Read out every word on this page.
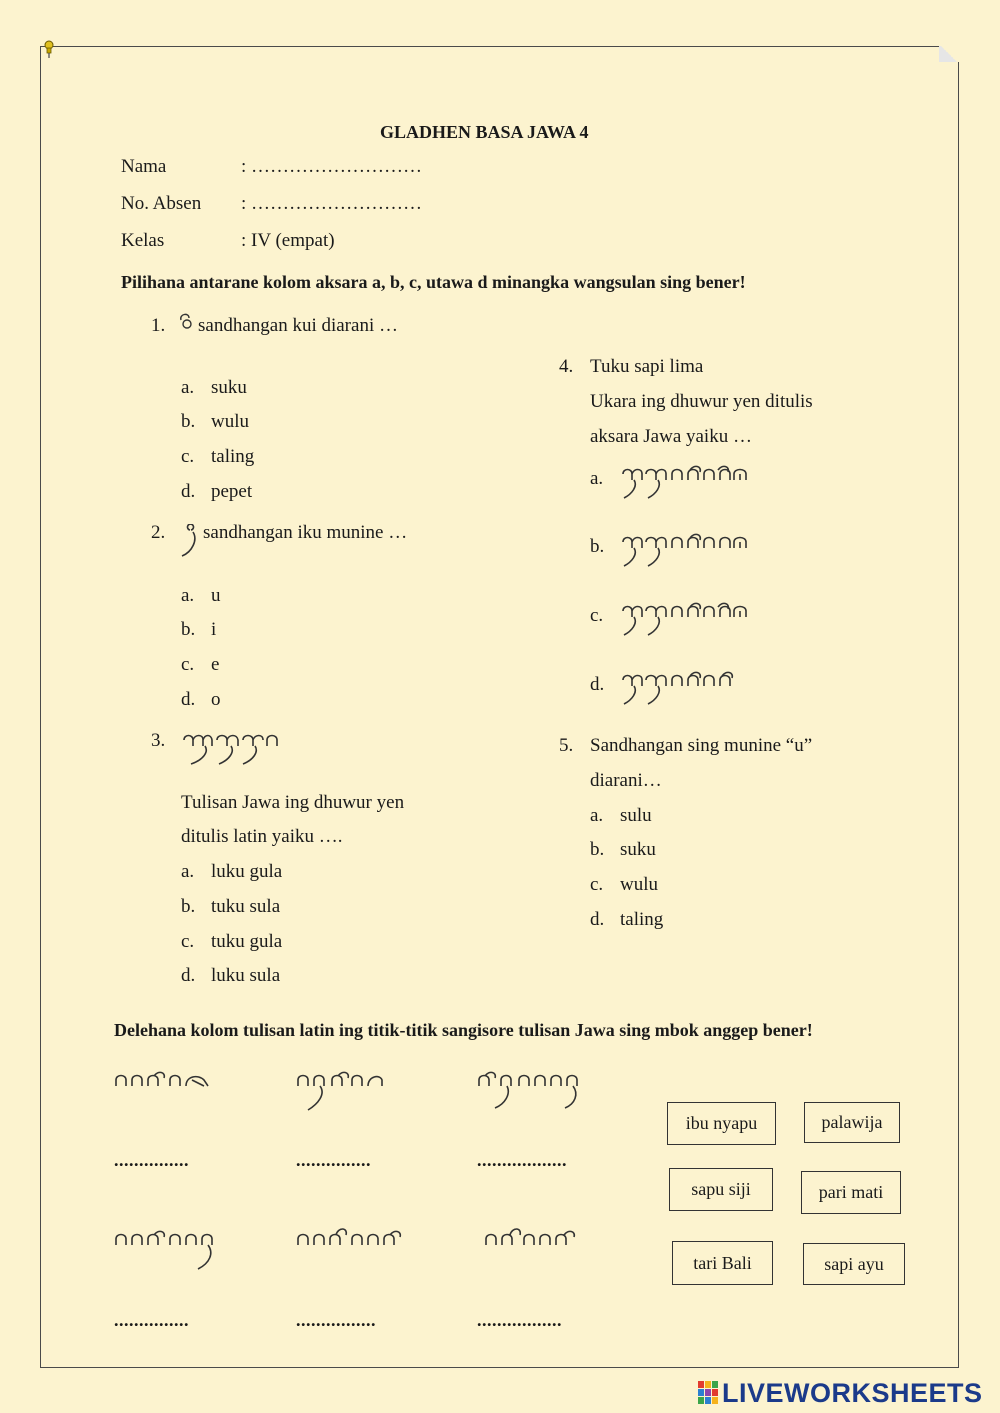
GLADHEN BASA JAWA 4
Nama	: ………………………
No. Absen : ………………………
Kelas	: IV (empat)
Pilihana antarane kolom aksara a, b, c, utawa d minangka wangsulan sing bener!
1. sandhangan kui diarani …
a. suku
b. wulu
c. taling
d. pepet
2. sandhangan iku munine …
a. u
b. i
c. e
d. o
3.
Tulisan Jawa ing dhuwur yen
ditulis latin yaiku ….
a. luku gula
b. tuku sula
c. tuku gula
d. luku sula
4. Tuku sapi lima
Ukara ing dhuwur yen ditulis
aksara Jawa yaiku …
a.
b.
c.
d.
5. Sandhangan sing munine “u”
diarani…
a. sulu
b. suku
c. wulu
d. taling
Delehana kolom tulisan latin ing titik-titik sangisore tulisan Jawa sing mbok anggep bener!
...............	...............	..................
...............	................	.................
ibu nyapu	palawija
sapu siji	pari mati
tari Bali	sapi ayu
LIVEWORKSHEETS
